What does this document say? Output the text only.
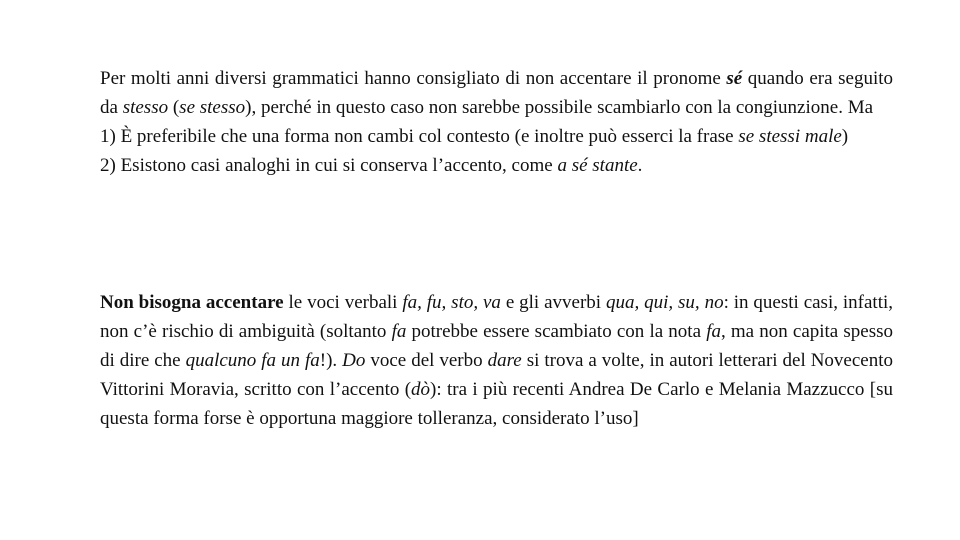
Per molti anni diversi grammatici hanno consigliato di non accentare il pronome sé quando era seguito da stesso (se stesso), perché in questo caso non sarebbe possibile scambiarlo con la congiunzione. Ma

1) È preferibile che una forma non cambi col contesto (e inoltre può esserci la frase se stessi male)

2) Esistono casi analoghi in cui si conserva l’accento, come a sé stante.

Non bisogna accentare le voci verbali fa, fu, sto, va e gli avverbi qua, qui, su, no: in questi casi, infatti, non c’è rischio di ambiguità (soltanto fa potrebbe essere scambiato con la nota fa, ma non capita spesso di dire che qualcuno fa un fa!). Do voce del verbo dare si trova a volte, in autori letterari del Novecento Vittorini Moravia, scritto con l’accento (dò): tra i più recenti Andrea De Carlo e Melania Mazzucco [su questa forma forse è opportuna maggiore tolleranza, considerato l’uso]
